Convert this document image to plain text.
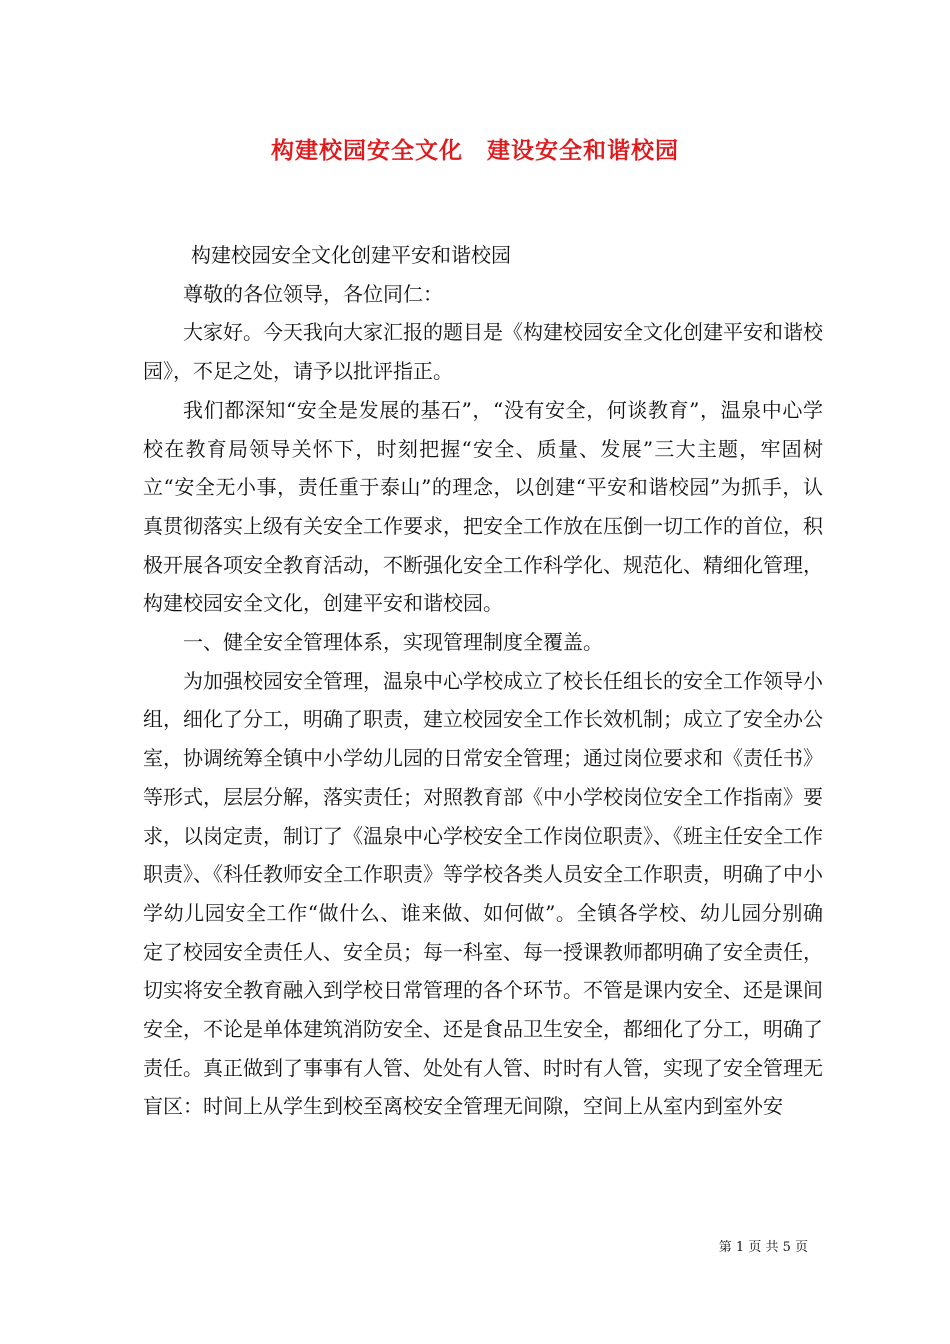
构建校园安全文化　建设安全和谐校园

构建校园安全文化创建平安和谐校园

尊敬的各位领导，各位同仁：

大家好。今天我向大家汇报的题目是《构建校园安全文化创建平安和谐校园》，不足之处，请予以批评指正。

我们都深知“安全是发展的基石”，“没有安全，何谈教育”，温泉中心学校在教育局领导关怀下，时刻把握“安全、质量、发展”三大主题，牢固树立“安全无小事，责任重于泰山”的理念，以创建“平安和谐校园”为抓手，认真贯彻落实上级有关安全工作要求，把安全工作放在压倒一切工作的首位，积极开展各项安全教育活动，不断强化安全工作科学化、规范化、精细化管理，构建校园安全文化，创建平安和谐校园。

一、健全安全管理体系，实现管理制度全覆盖。

为加强校园安全管理，温泉中心学校成立了校长任组长的安全工作领导小组，细化了分工，明确了职责，建立校园安全工作长效机制；成立了安全办公室，协调统筹全镇中小学幼儿园的日常安全管理；通过岗位要求和《责任书》等形式，层层分解，落实责任；对照教育部《中小学校岗位安全工作指南》要求，以岗定责，制订了《温泉中心学校安全工作岗位职责》、《班主任安全工作职责》、《科任教师安全工作职责》等学校各类人员安全工作职责，明确了中小学幼儿园安全工作“做什么、谁来做、如何做”。全镇各学校、幼儿园分别确定了校园安全责任人、安全员；每一科室、每一授课教师都明确了安全责任，切实将安全教育融入到学校日常管理的各个环节。不管是课内安全、还是课间安全，不论是单体建筑消防安全、还是食品卫生安全，都细化了分工，明确了责任。真正做到了事事有人管、处处有人管、时时有人管，实现了安全管理无盲区：时间上从学生到校至离校安全管理无间隙，空间上从室内到室外安

第 1 页 共 5 页
